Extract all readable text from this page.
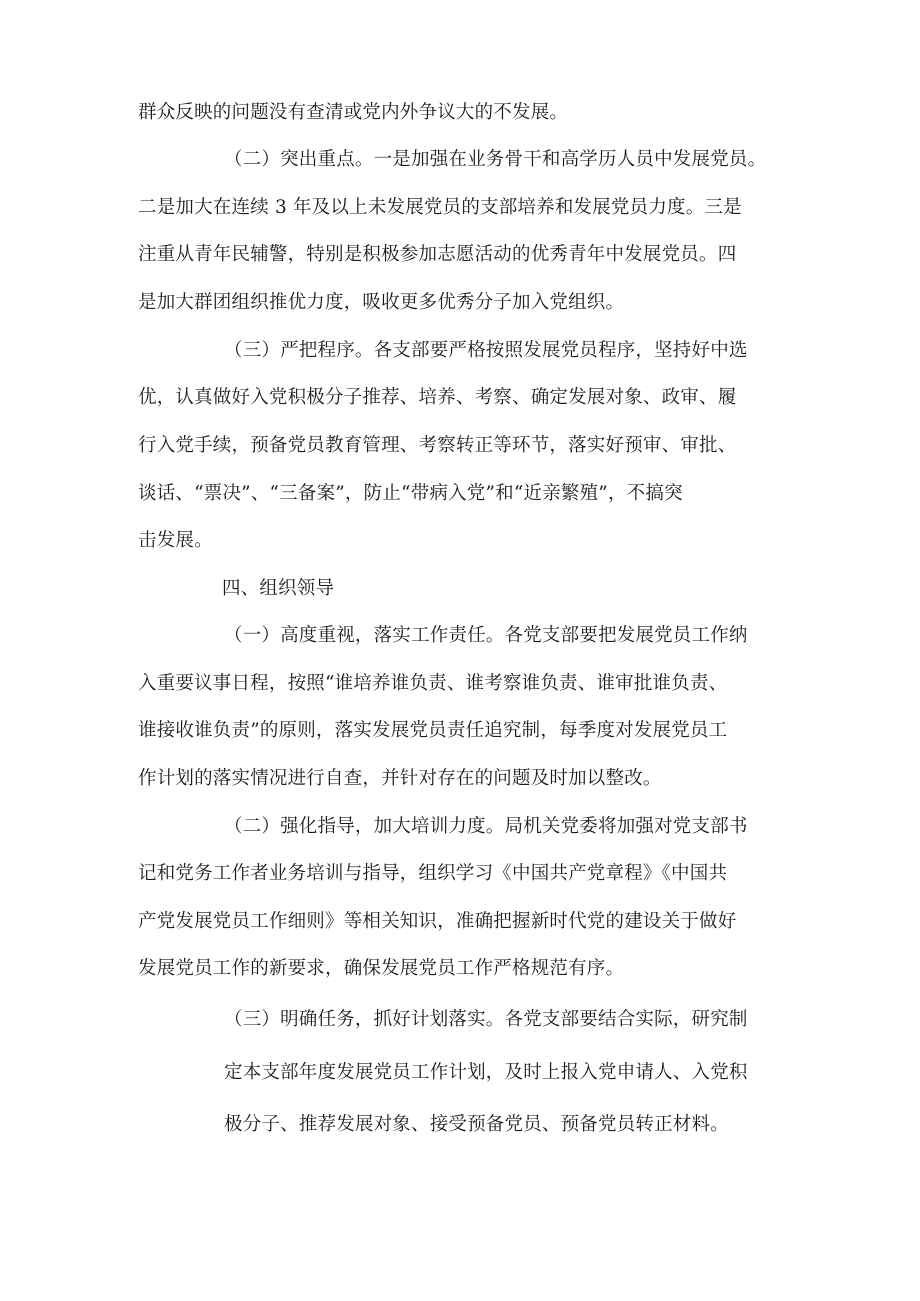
群众反映的问题没有查清或党内外争议大的不发展。
（二）突出重点。一是加强在业务骨干和高学历人员中发展党员。
二是加大在连续 3 年及以上未发展党员的支部培养和发展党员力度。三是
注重从青年民辅警，特别是积极参加志愿活动的优秀青年中发展党员。四
是加大群团组织推优力度，吸收更多优秀分子加入党组织。
（三）严把程序。各支部要严格按照发展党员程序，坚持好中选
优，认真做好入党积极分子推荐、培养、考察、确定发展对象、政审、履
行入党手续，预备党员教育管理、考察转正等环节，落实好预审、审批、
谈话、“票决”、“三备案”，防止“带病入党”和“近亲繁殖”，不搞突
击发展。
四、组织领导
（一）高度重视，落实工作责任。各党支部要把发展党员工作纳
入重要议事日程，按照“谁培养谁负责、谁考察谁负责、谁审批谁负责、
谁接收谁负责”的原则，落实发展党员责任追究制，每季度对发展党员工
作计划的落实情况进行自查，并针对存在的问题及时加以整改。
（二）强化指导，加大培训力度。局机关党委将加强对党支部书
记和党务工作者业务培训与指导，组织学习《中国共产党章程》《中国共
产党发展党员工作细则》等相关知识，准确把握新时代党的建设关于做好
发展党员工作的新要求，确保发展党员工作严格规范有序。
（三）明确任务，抓好计划落实。各党支部要结合实际，研究制
定本支部年度发展党员工作计划，及时上报入党申请人、入党积
极分子、推荐发展对象、接受预备党员、预备党员转正材料。
